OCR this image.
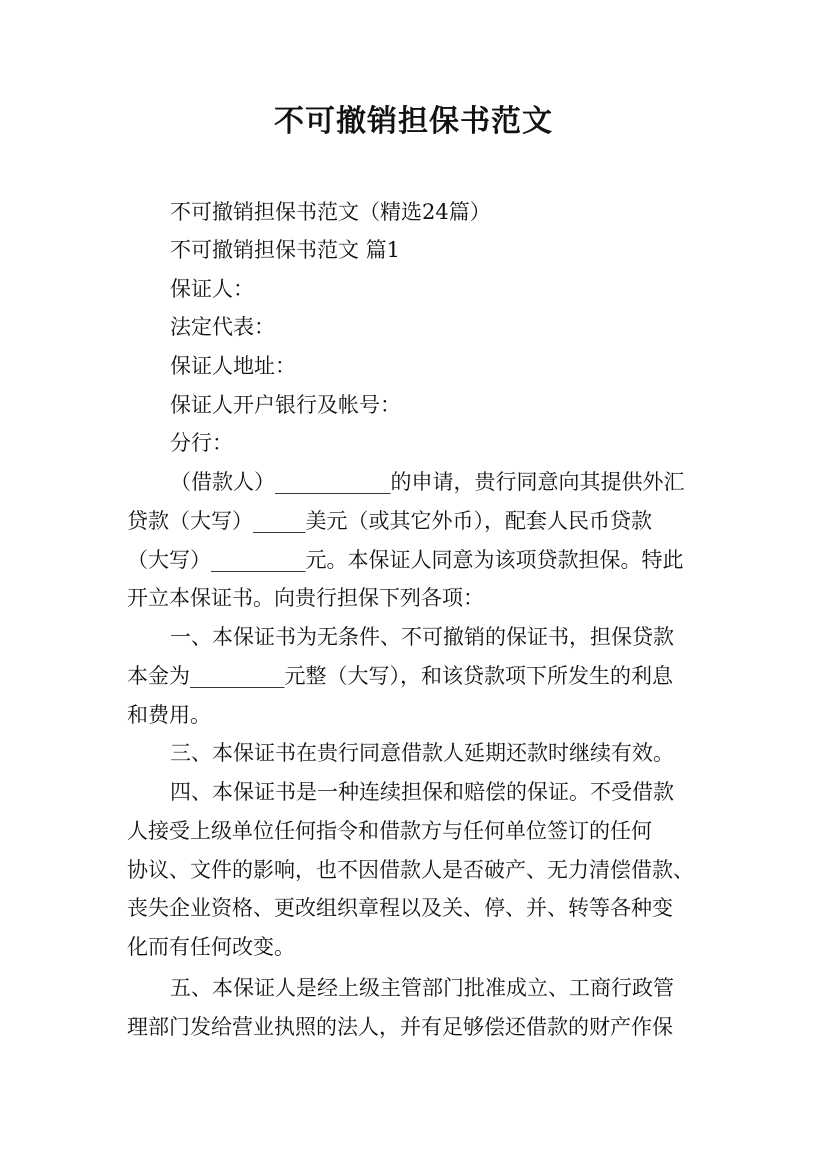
不可撤销担保书范文
不可撤销担保书范文（精选24篇）
不可撤销担保书范文 篇1
保证人：
法定代表：
保证人地址：
保证人开户银行及帐号：
分行：
（借款人）___________的申请，贵行同意向其提供外汇
贷款（大写）_____美元（或其它外币），配套人民币贷款
（大写）_________元。本保证人同意为该项贷款担保。特此
开立本保证书。向贵行担保下列各项：
一、本保证书为无条件、不可撤销的保证书，担保贷款
本金为_________元整（大写），和该贷款项下所发生的利息
和费用。
三、本保证书在贵行同意借款人延期还款时继续有效。
四、本保证书是一种连续担保和赔偿的保证。不受借款
人接受上级单位任何指令和借款方与任何单位签订的任何
协议、文件的影响，也不因借款人是否破产、无力清偿借款、
丧失企业资格、更改组织章程以及关、停、并、转等各种变
化而有任何改变。
五、本保证人是经上级主管部门批准成立、工商行政管
理部门发给营业执照的法人，并有足够偿还借款的财产作保
